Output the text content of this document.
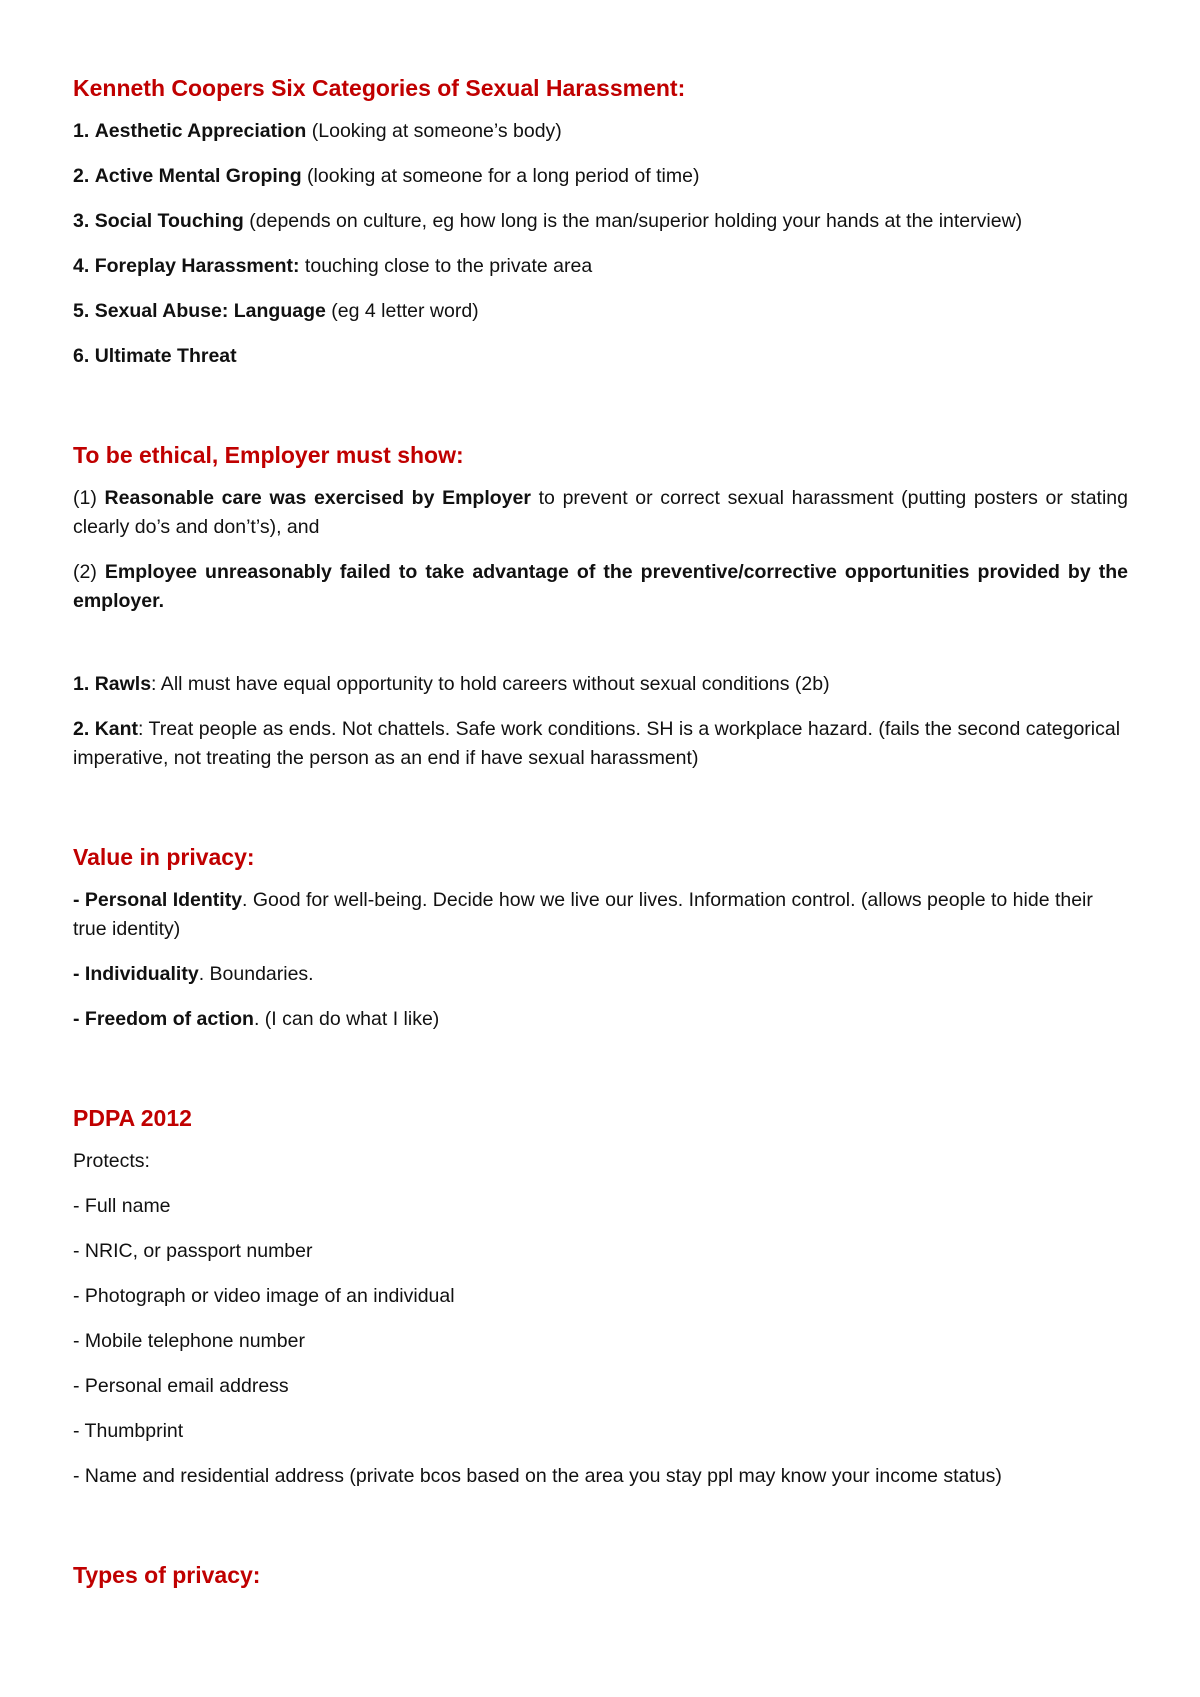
Kenneth Coopers Six Categories of Sexual Harassment:
1. Aesthetic Appreciation (Looking at someone’s body)
2. Active Mental Groping (looking at someone for a long period of time)
3. Social Touching (depends on culture, eg how long is the man/superior holding your hands at the interview)
4. Foreplay Harassment: touching close to the private area
5. Sexual Abuse: Language (eg 4 letter word)
6. Ultimate Threat
To be ethical, Employer must show:
(1) Reasonable care was exercised by Employer to prevent or correct sexual harassment (putting posters or stating clearly do’s and don’t’s), and
(2) Employee unreasonably failed to take advantage of the preventive/corrective opportunities provided by the employer.
1. Rawls: All must have equal opportunity to hold careers without sexual conditions (2b)
2. Kant: Treat people as ends. Not chattels. Safe work conditions. SH is a workplace hazard. (fails the second categorical imperative, not treating the person as an end if have sexual harassment)
Value in privacy:
- Personal Identity. Good for well-being. Decide how we live our lives. Information control. (allows people to hide their true identity)
- Individuality. Boundaries.
- Freedom of action. (I can do what I like)
PDPA 2012
Protects:
- Full name
- NRIC, or passport number
- Photograph or video image of an individual
- Mobile telephone number
- Personal email address
- Thumbprint
- Name and residential address (private bcos based on the area you stay ppl may know your income status)
Types of privacy:
